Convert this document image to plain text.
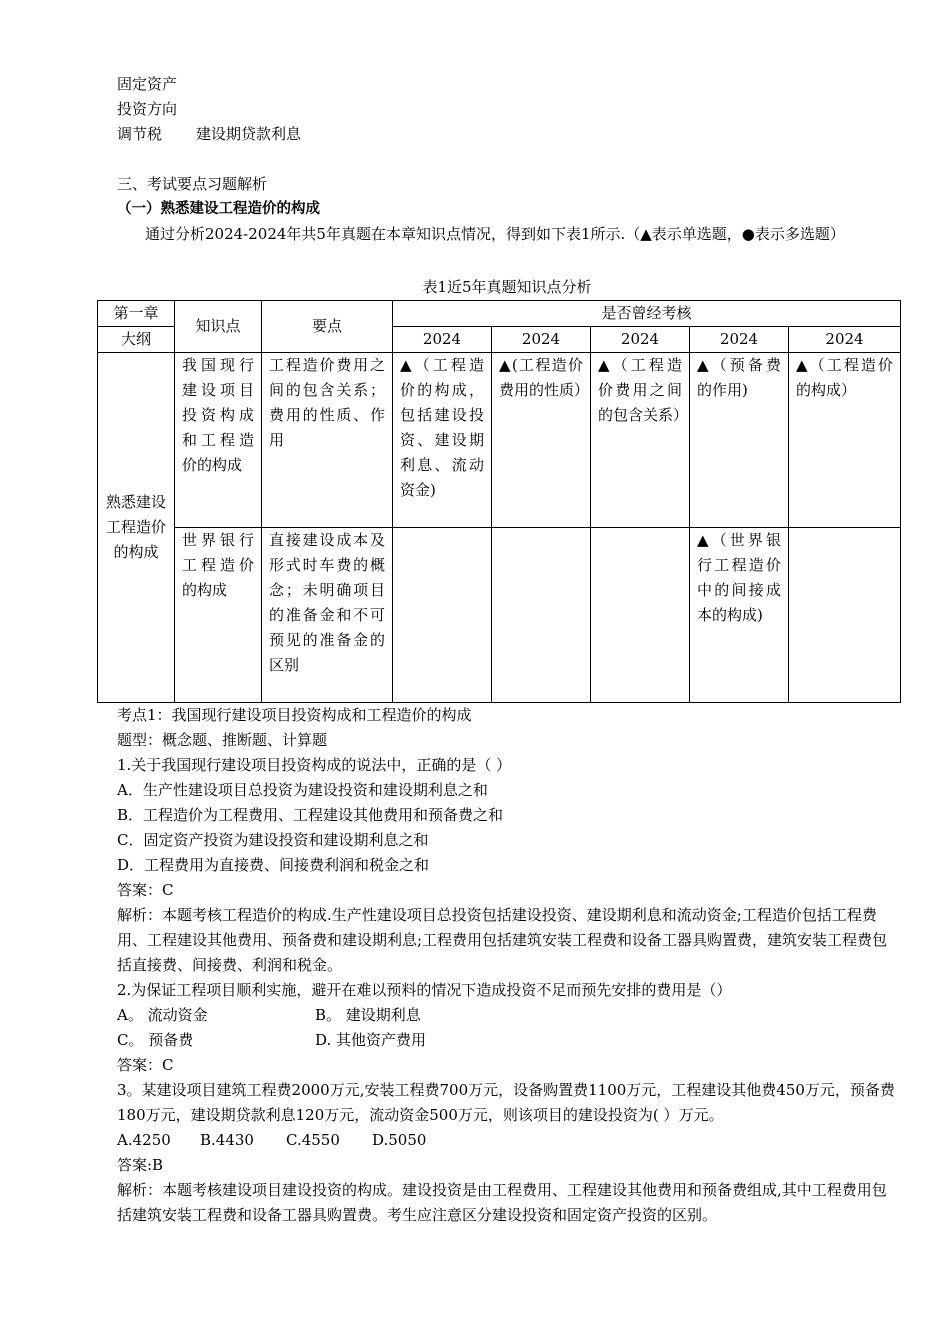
固定资产
投资方向
调节税 建设期贷款利息
三、考试要点习题解析
（一）熟悉建设工程造价的构成
通过分析2024-2024年共5年真题在本章知识点情况，得到如下表1所示.（▲表示单选题，●表示多选题）
表1近5年真题知识点分析
第一章	知识点	要点	是否曾经考核				
大纲			2024	2024	2024	2024	2024
熟悉建设工程造价的构成	我国现行建设项目投资构成和工程造价的构成	工程造价费用之间的包含关系；费用的性质、作用	▲（工程造价的构成，包括建设投资、建设期利息、流动资金)	▲(工程造价费用的性质）	▲（工程造价费用之间的包含关系）	▲（预备费的作用)	▲（工程造价的构成）
	世界银行工程造价的构成	直接建设成本及形式时车费的概念；未明确项目的准备金和不可预见的准备金的区别				▲（世界银行工程造价中的间接成本的构成)	
考点1：我国现行建设项目投资构成和工程造价的构成
题型：概念题、推断题、计算题
1.关于我国现行建设项目投资构成的说法中，正确的是（ ）
A．生产性建设项目总投资为建设投资和建设期利息之和
B．工程造价为工程费用、工程建设其他费用和预备费之和
C．固定资产投资为建设投资和建设期利息之和
D．工程费用为直接费、间接费利润和税金之和
答案：C
解析：本题考核工程造价的构成.生产性建设项目总投资包括建设投资、建设期利息和流动资金;工程造价包括工程费用、工程建设其他费用、预备费和建设期利息;工程费用包括建筑安装工程费和设备工器具购置费，建筑安装工程费包括直接费、间接费、利润和税金。
2.为保证工程项目顺利实施，避开在难以预料的情况下造成投资不足而预先安排的费用是（）
A。 流动资金	B。 建设期利息
C。 预备费	D. 其他资产费用
答案：C
3。某建设项目建筑工程费2000万元,安装工程费700万元，设备购置费1100万元，工程建设其他费450万元，预备费180万元，建设期贷款利息120万元，流动资金500万元，则该项目的建设投资为( ）万元。
A.4250 B.4430 C.4550 D.5050
答案:B
解析：本题考核建设项目建设投资的构成。建设投资是由工程费用、工程建设其他费用和预备费组成,其中工程费用包括建筑安装工程费和设备工器具购置费。考生应注意区分建设投资和固定资产投资的区别。
